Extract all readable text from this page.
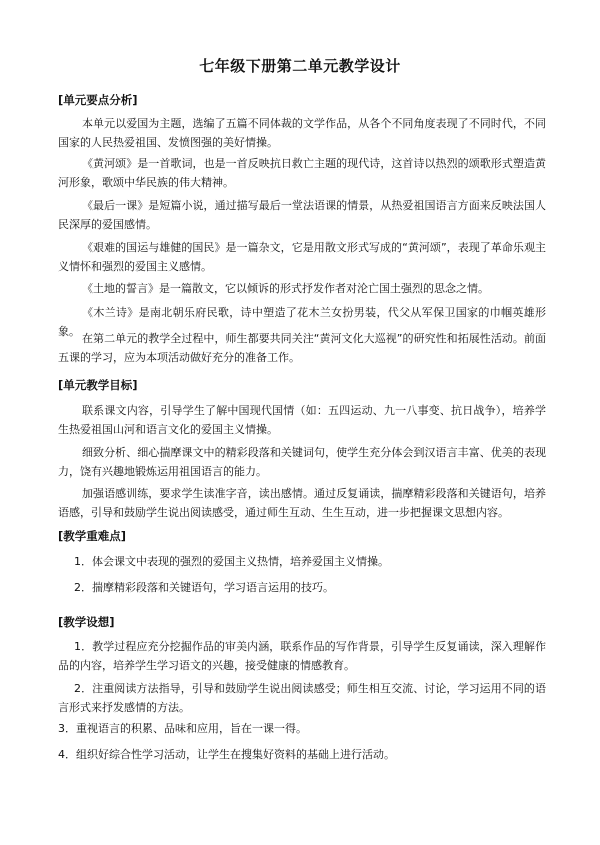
七年级下册第二单元教学设计
[单元要点分析]
本单元以爱国为主题，选编了五篇不同体裁的文学作品，从各个不同角度表现了不同时代，不同国家的人民热爱祖国、发愤图强的美好情操。
《黄河颂》是一首歌词，也是一首反映抗日救亡主题的现代诗，这首诗以热烈的颂歌形式塑造黄河形象，歌颂中华民族的伟大精神。
《最后一课》是短篇小说，通过描写最后一堂法语课的情景，从热爱祖国语言方面来反映法国人民深厚的爱国感情。
《艰难的国运与雄健的国民》是一篇杂文，它是用散文形式写成的“黄河颂”，表现了革命乐观主义情怀和强烈的爱国主义感情。
《土地的誓言》是一篇散文，它以倾诉的形式抒发作者对沦亡国土强烈的思念之情。
《木兰诗》是南北朝乐府民歌，诗中塑造了花木兰女扮男装，代父从军保卫国家的巾帼英雄形象。
在第二单元的教学全过程中，师生都要共同关注“黄河文化大巡视”的研究性和拓展性活动。前面五课的学习，应为本项活动做好充分的准备工作。
[单元教学目标]
联系课文内容，引导学生了解中国现代国情（如：五四运动、九一八事变、抗日战争），培养学生热爱祖国山河和语言文化的爱国主义情操。
细致分析、细心揣摩课文中的精彩段落和关键词句，使学生充分体会到汉语言丰富、优美的表现力，饶有兴趣地锻炼运用祖国语言的能力。
加强语感训练，要求学生读准字音，读出感情。通过反复诵读，揣摩精彩段落和关键语句，培养语感，引导和鼓励学生说出阅读感受，通过师生互动、生生互动，进一步把握课文思想内容。
[教学重难点]
1．体会课文中表现的强烈的爱国主义热情，培养爱国主义情操。
2．揣摩精彩段落和关键语句，学习语言运用的技巧。
[教学设想]
1．教学过程应充分挖掘作品的审美内涵，联系作品的写作背景，引导学生反复诵读，深入理解作品的内容，培养学生学习语文的兴趣，接受健康的情感教育。
2．注重阅读方法指导，引导和鼓励学生说出阅读感受；师生相互交流、讨论，学习运用不同的语言形式来抒发感情的方法。
3．重视语言的积累、品味和应用，旨在一课一得。
4．组织好综合性学习活动，让学生在搜集好资料的基础上进行活动。
